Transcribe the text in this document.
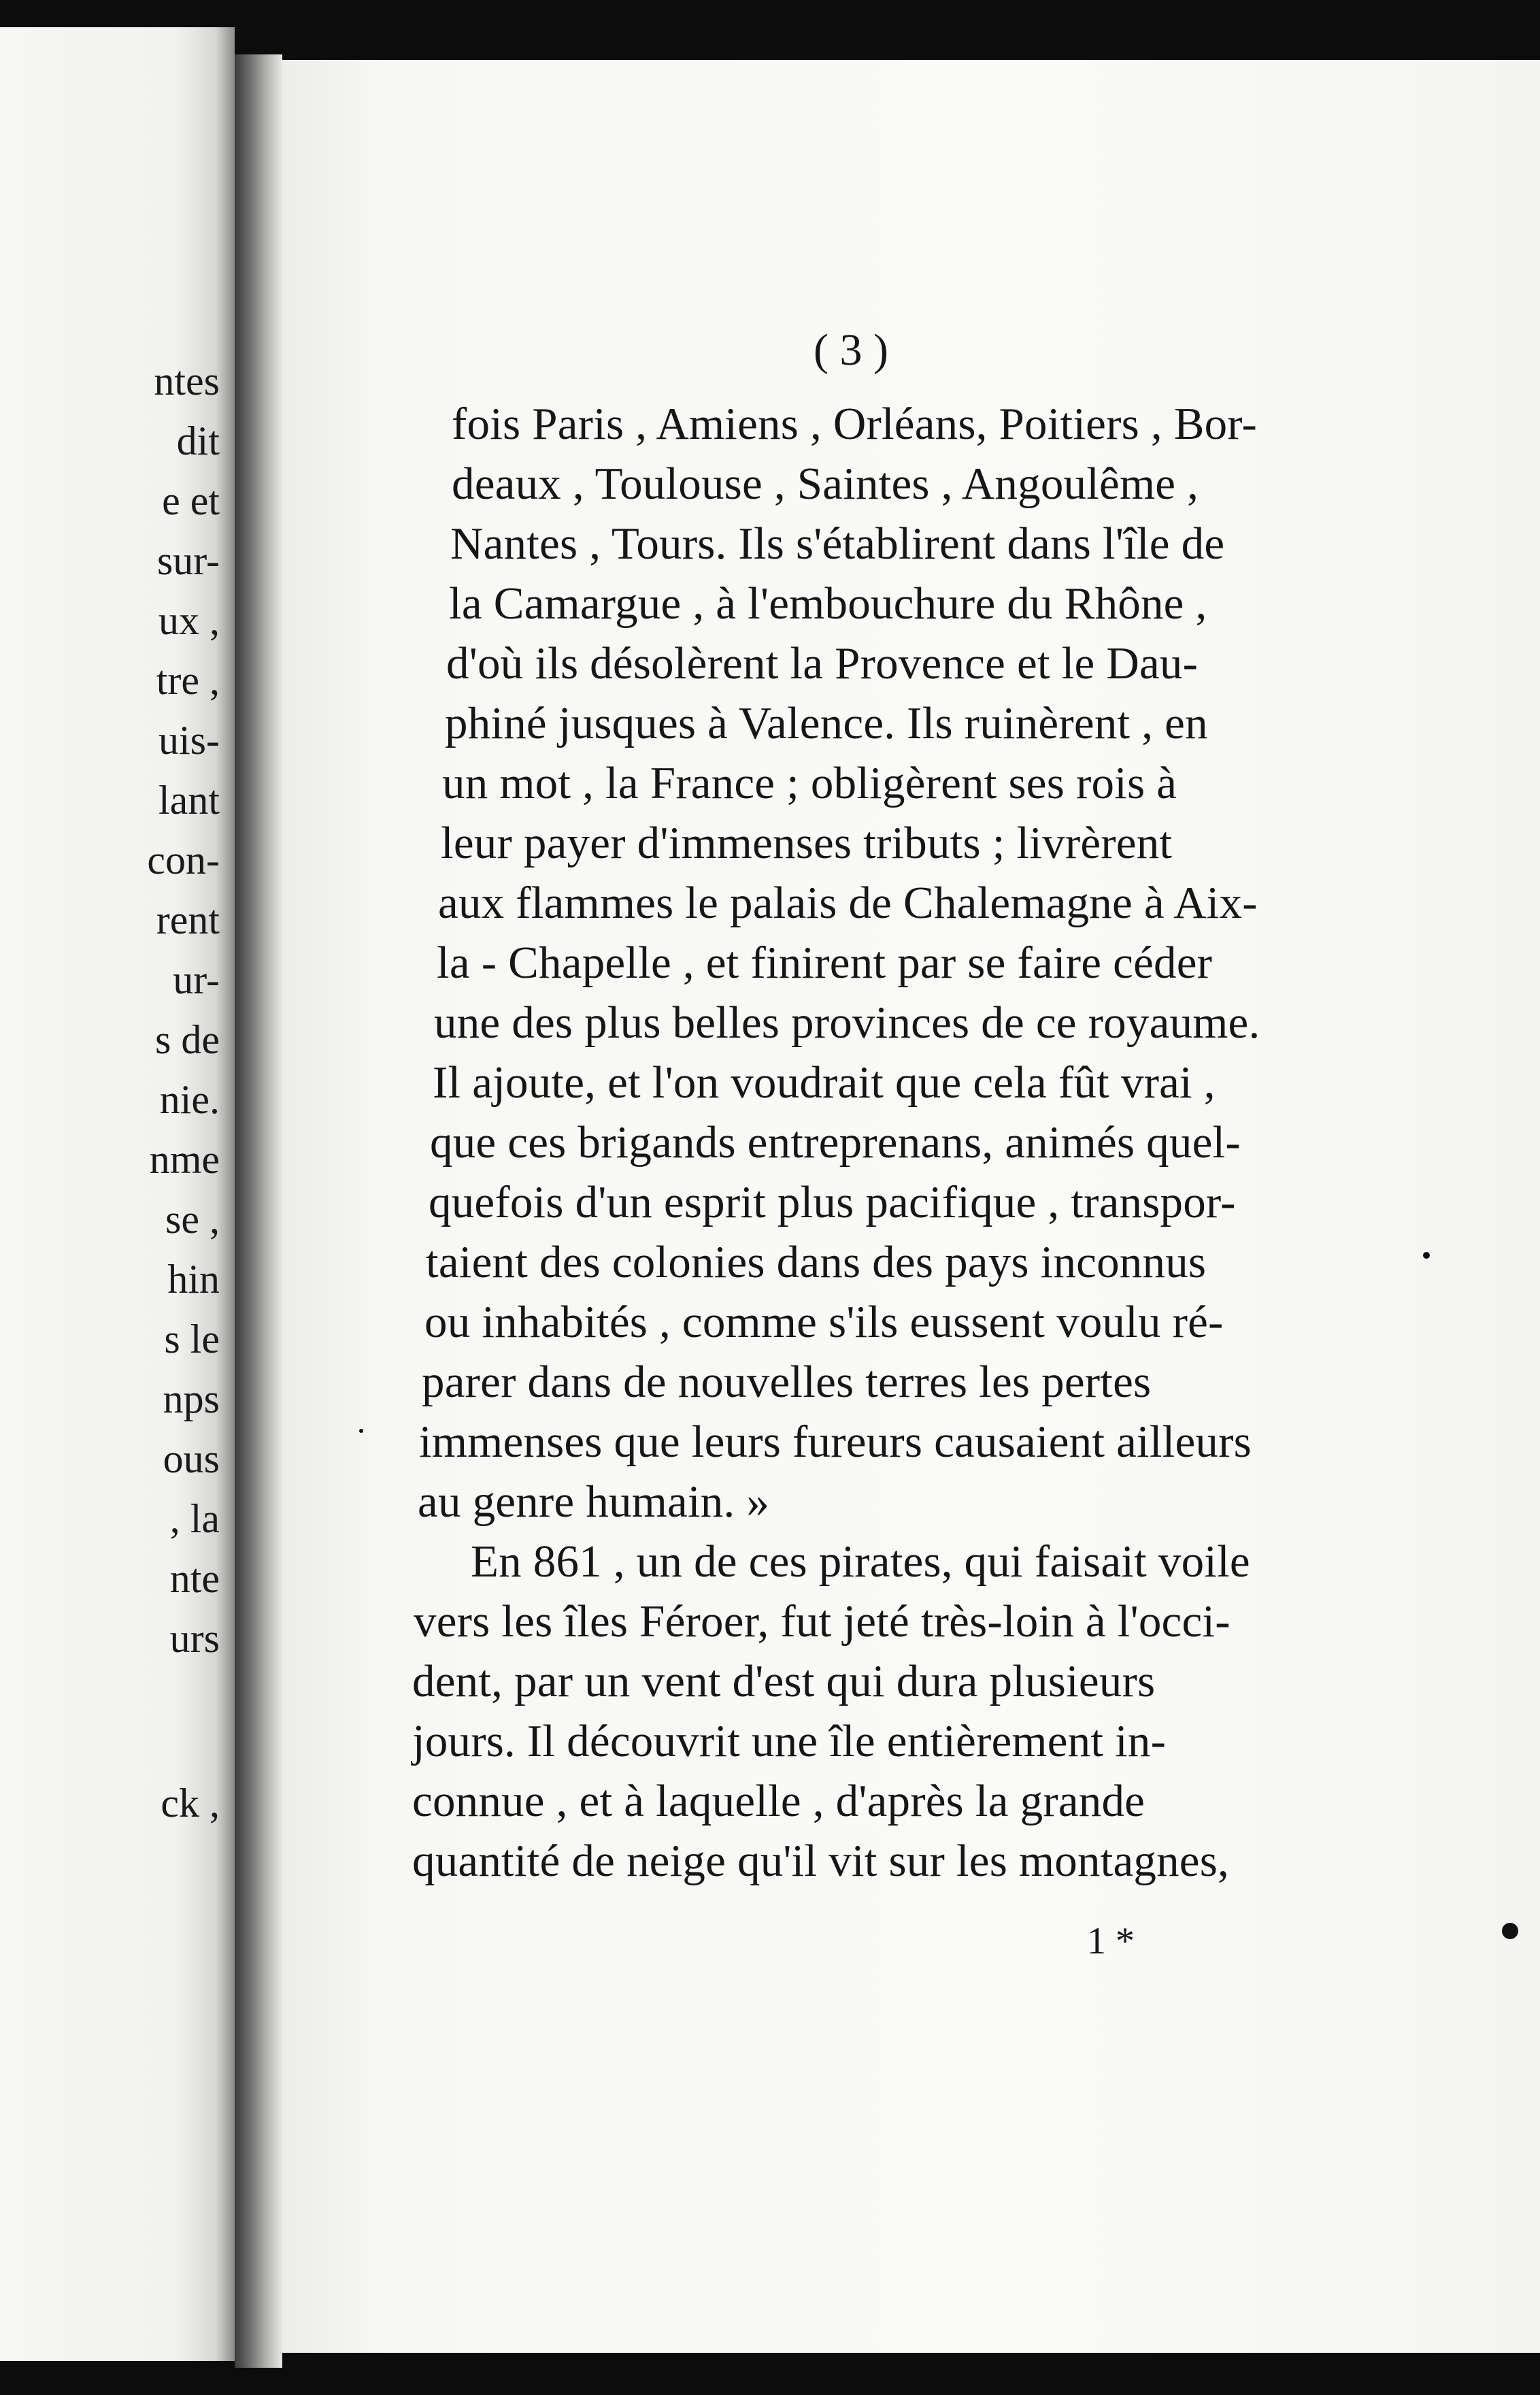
ntes
dit
e et
sur-
ux ,
tre ,
uis-
lant
con-
rent
ur-
s de
nie.
nme
se ,
hin
s le
nps
ous
, la
nte
urs
ck ,
( 3 )
fois Paris , Amiens , Orléans, Poitiers , Bor-
deaux , Toulouse , Saintes , Angoulême ,
Nantes , Tours. Ils s'établirent dans l'île de
la Camargue , à l'embouchure du Rhône ,
d'où ils désolèrent la Provence et le Dau-
phiné jusques à Valence. Ils ruinèrent , en
un mot , la France ; obligèrent ses rois à
leur payer d'immenses tributs ; livrèrent
aux flammes le palais de Chalemagne à Aix-
la - Chapelle , et finirent par se faire céder
une des plus belles provinces de ce royaume.
Il ajoute, et l'on voudrait que cela fût vrai ,
que ces brigands entreprenans, animés quel-
quefois d'un esprit plus pacifique , transpor-
taient des colonies dans des pays inconnus
ou inhabités , comme s'ils eussent voulu ré-
parer dans de nouvelles terres les pertes
immenses que leurs fureurs causaient ailleurs
au genre humain. »
En 861 , un de ces pirates, qui faisait voile
vers les îles Féroer, fut jeté très-loin à l'occi-
dent, par un vent d'est qui dura plusieurs
jours. Il découvrit une île entièrement in-
connue , et à laquelle , d'après la grande
quantité de neige qu'il vit sur les montagnes,
1 *
